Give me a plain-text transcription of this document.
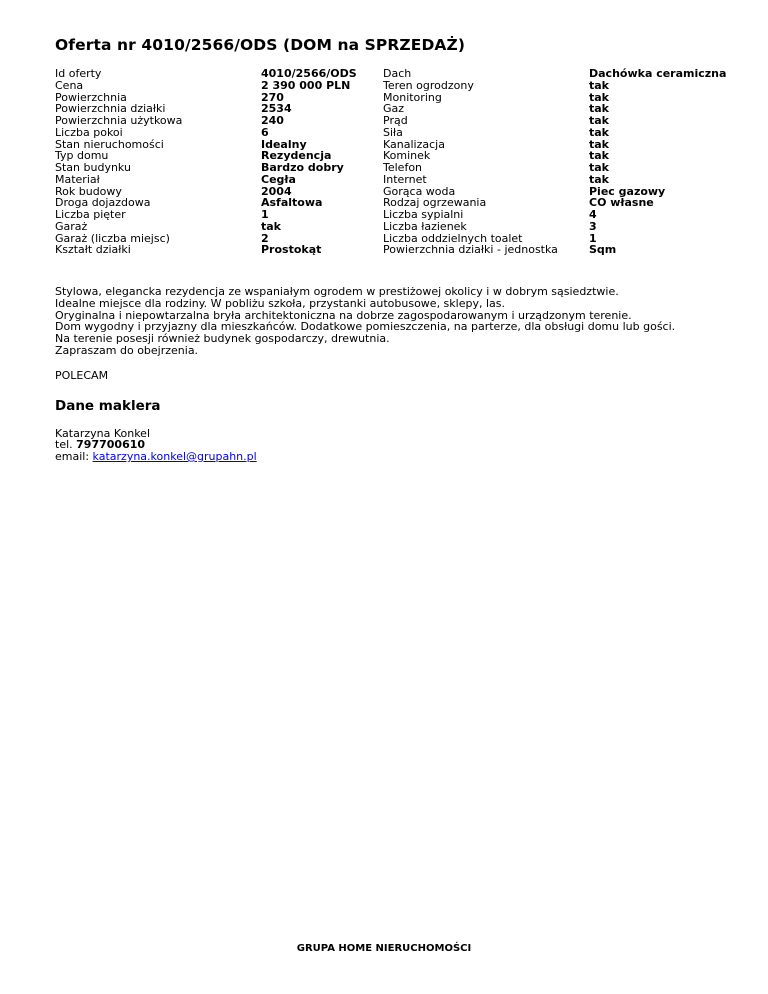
Oferta nr 4010/2566/ODS (DOM na SPRZEDAŻ)
Id oferty
Cena
Powierzchnia
Powierzchnia działki
Powierzchnia użytkowa
Liczba pokoi
Stan nieruchomości
Typ domu
Stan budynku
Materiał
Rok budowy
Droga dojazdowa
Liczba pięter
Garaż
Garaż (liczba miejsc)
Kształt działki
4010/2566/ODS
2 390 000 PLN
270
2534
240
6
Idealny
Rezydencja
Bardzo dobry
Cegła
2004
Asfaltowa
1
tak
2
Prostokąt
Dach
Teren ogrodzony
Monitoring
Gaz
Prąd
Siła
Kanalizacja
Kominek
Telefon
Internet
Gorąca woda
Rodzaj ogrzewania
Liczba sypialni
Liczba łazienek
Liczba oddzielnych toalet
Powierzchnia działki - jednostka
Dachówka ceramiczna
tak
tak
tak
tak
tak
tak
tak
tak
tak
Piec gazowy
CO własne
4
3
1
Sqm
Stylowa, elegancka rezydencja ze wspaniałym ogrodem w prestiżowej okolicy i w dobrym sąsiedztwie.
Idealne miejsce dla rodziny. W pobliżu szkoła, przystanki autobusowe, sklepy, las.
Oryginalna i niepowtarzalna bryła architektoniczna na dobrze zagospodarowanym i urządzonym terenie.
Dom wygodny i przyjazny dla mieszkańców. Dodatkowe pomieszczenia, na parterze, dla obsługi domu lub gości.
Na terenie posesji również budynek gospodarczy, drewutnia.
Zapraszam do obejrzenia.
POLECAM
Dane maklera
Katarzyna Konkel
tel. 797700610
email: katarzyna.konkel@grupahn.pl
GRUPA HOME NIERUCHOMOŚCI
